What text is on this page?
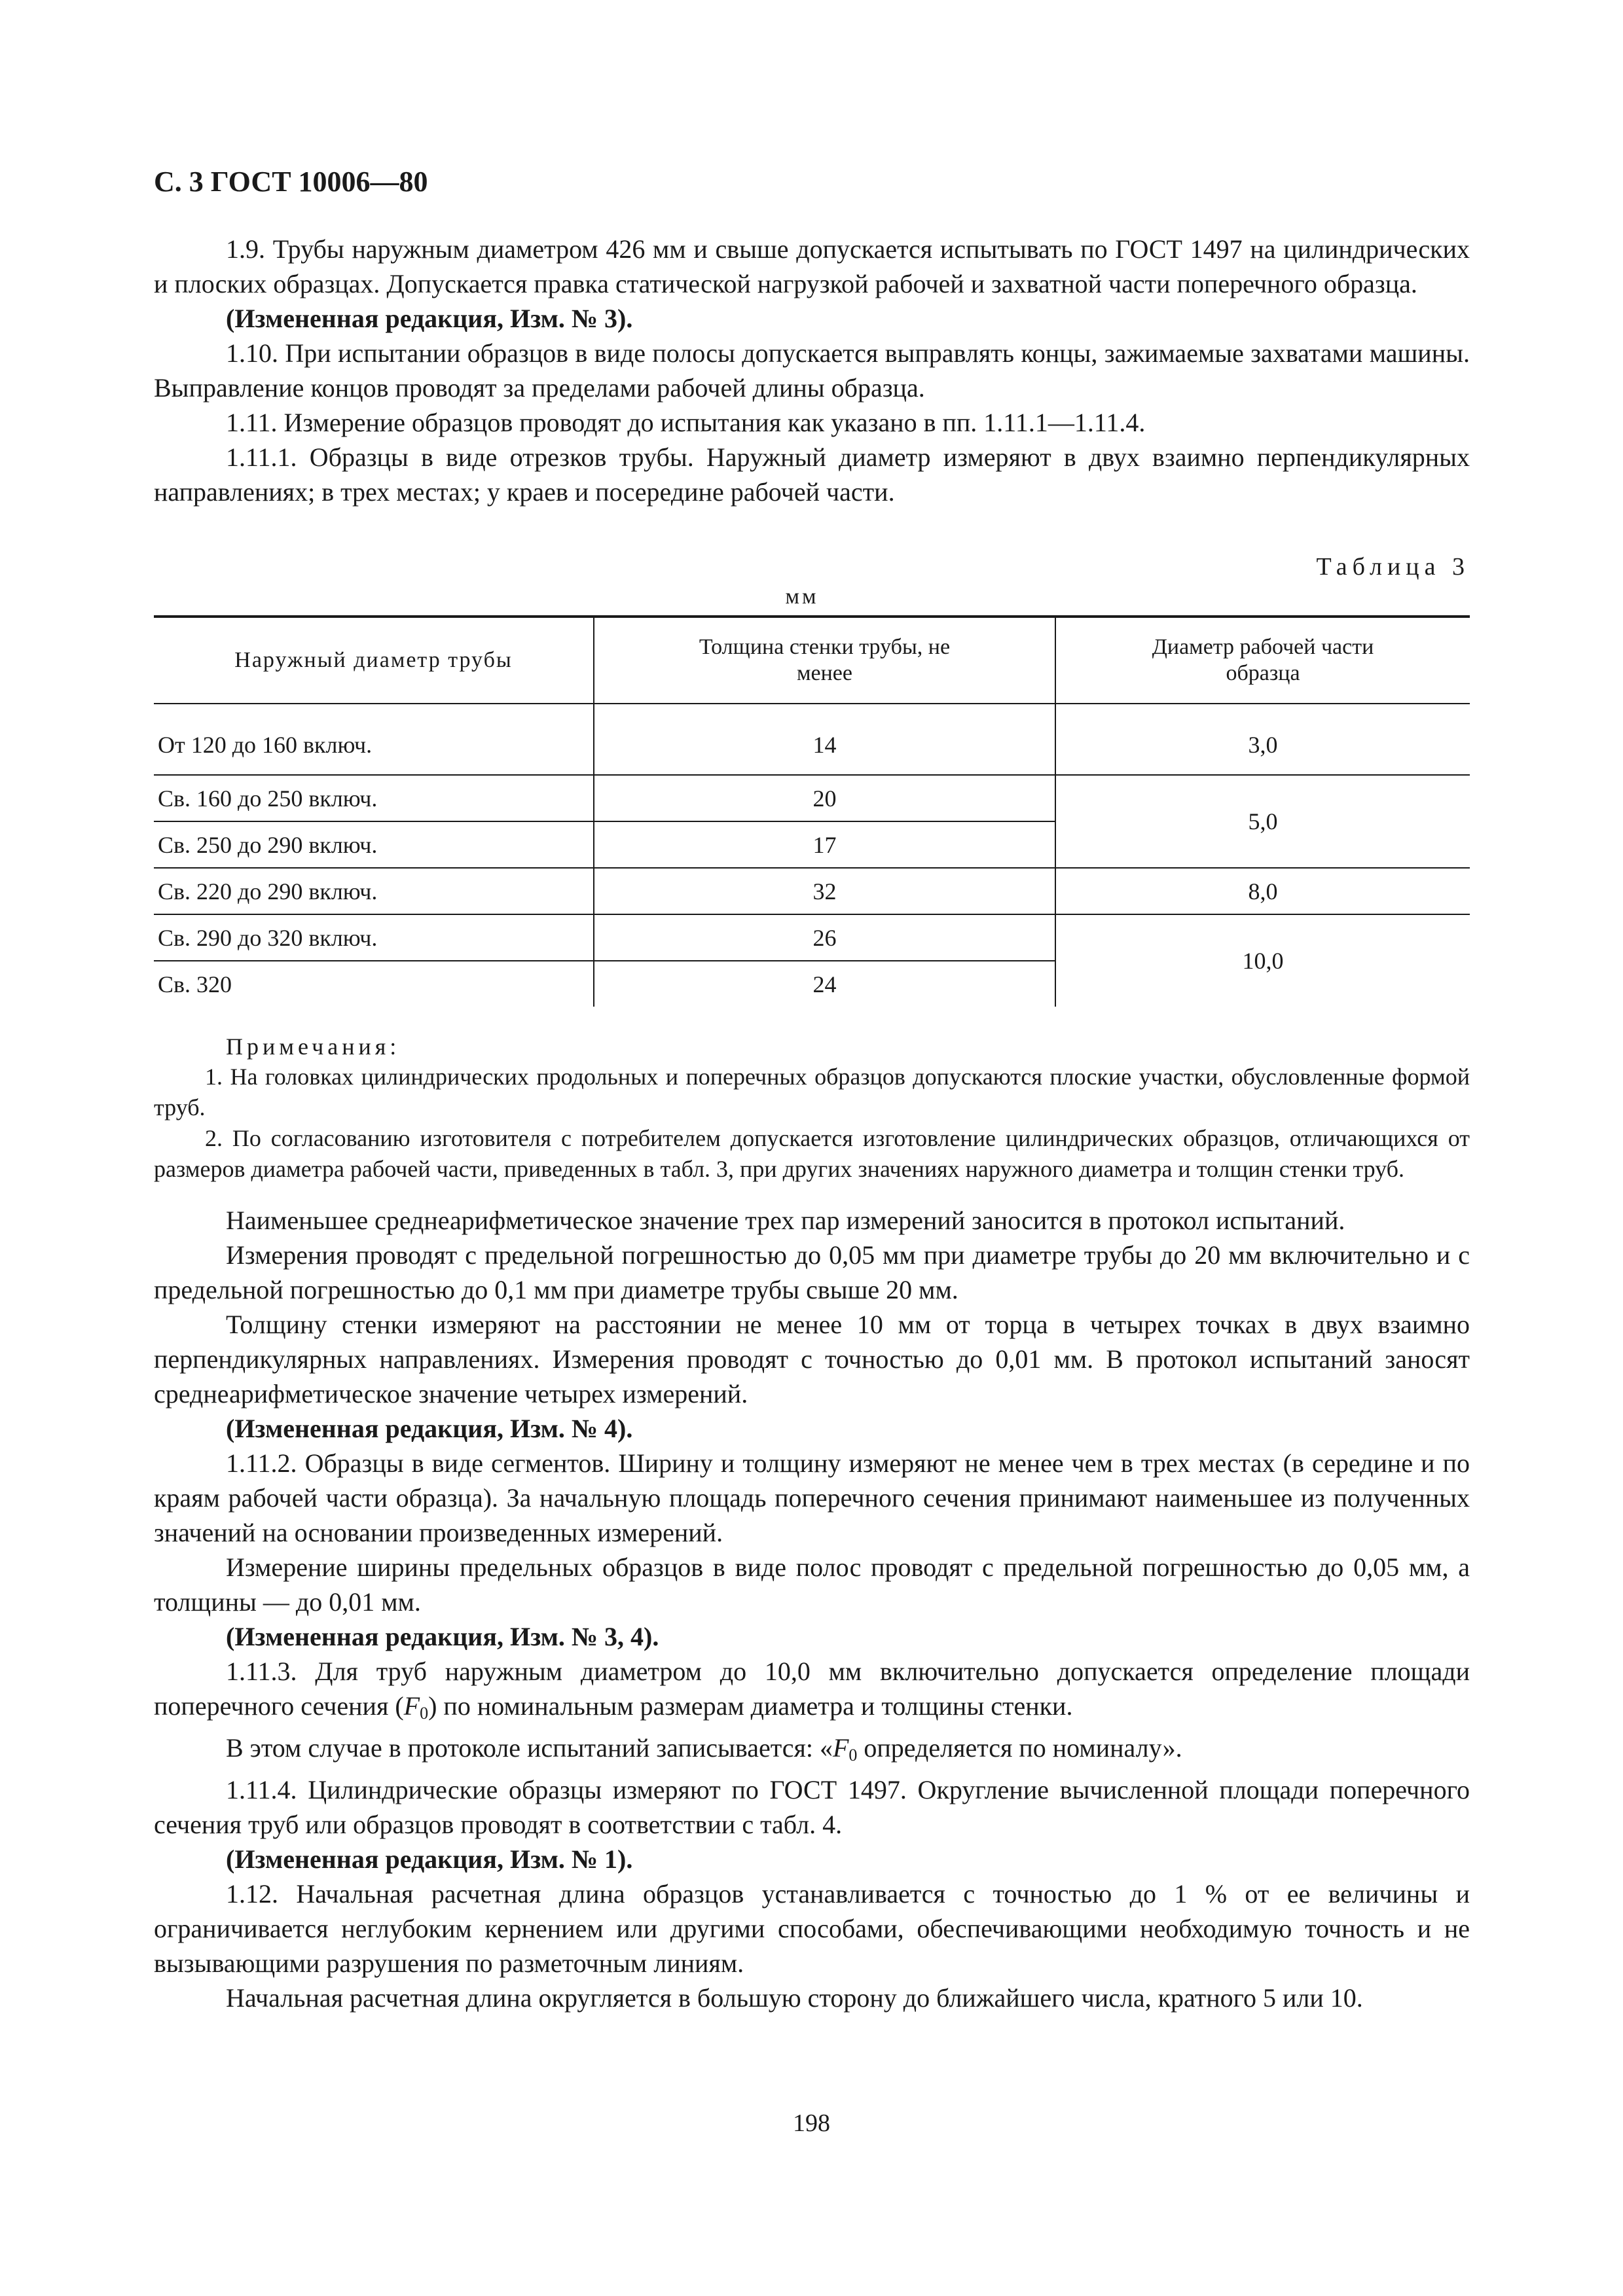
С. 3 ГОСТ 10006—80

1.9. Трубы наружным диаметром 426 мм и свыше допускается испытывать по ГОСТ 1497 на цилиндрических и плоских образцах. Допускается правка статической нагрузкой рабочей и захватной части поперечного образца.

(Измененная редакция, Изм. № 3).

1.10. При испытании образцов в виде полосы допускается выправлять концы, зажимаемые захватами машины. Выправление концов проводят за пределами рабочей длины образца.

1.11. Измерение образцов проводят до испытания как указано в пп. 1.11.1—1.11.4.

1.11.1. Образцы в виде отрезков трубы. Наружный диаметр измеряют в двух взаимно перпендикулярных направлениях; в трех местах; у краев и посередине рабочей части.

Таблица 3
мм
Наружный диаметр трубы	Толщина стенки трубы, не менее	Диаметр рабочей части образца
От 120 до 160 включ.	14	3,0
Св. 160 до 250 включ.	20	5,0
Св. 250 до 290 включ.	17	
Св. 220 до 290 включ.	32	8,0
Св. 290 до 320 включ.	26	10,0
Св. 320	24	
Примечания:

1. На головках цилиндрических продольных и поперечных образцов допускаются плоские участки, обусловленные формой труб.

2. По согласованию изготовителя с потребителем допускается изготовление цилиндрических образцов, отличающихся от размеров диаметра рабочей части, приведенных в табл. 3, при других значениях наружного диаметра и толщин стенки труб.

Наименьшее среднеарифметическое значение трех пар измерений заносится в протокол испытаний.

Измерения проводят с предельной погрешностью до 0,05 мм при диаметре трубы до 20 мм включительно и с предельной погрешностью до 0,1 мм при диаметре трубы свыше 20 мм.

Толщину стенки измеряют на расстоянии не менее 10 мм от торца в четырех точках в двух взаимно перпендикулярных направлениях. Измерения проводят с точностью до 0,01 мм. В протокол испытаний заносят среднеарифметическое значение четырех измерений.

(Измененная редакция, Изм. № 4).

1.11.2. Образцы в виде сегментов. Ширину и толщину измеряют не менее чем в трех местах (в середине и по краям рабочей части образца). За начальную площадь поперечного сечения принимают наименьшее из полученных значений на основании произведенных измерений.

Измерение ширины предельных образцов в виде полос проводят с предельной погрешностью до 0,05 мм, а толщины — до 0,01 мм.

(Измененная редакция, Изм. № 3, 4).

1.11.3. Для труб наружным диаметром до 10,0 мм включительно допускается определение площади поперечного сечения $(F_0)$ по номинальным размерам диаметра и толщины стенки.

В этом случае в протоколе испытаний записывается: «$F_0$ определяется по номиналу».

1.11.4. Цилиндрические образцы измеряют по ГОСТ 1497. Округление вычисленной площади поперечного сечения труб или образцов проводят в соответствии с табл. 4.

(Измененная редакция, Изм. № 1).

1.12. Начальная расчетная длина образцов устанавливается с точностью до 1 % от ее величины и ограничивается неглубоким кернением или другими способами, обеспечивающими необходимую точность и не вызывающими разрушения по разметочным линиям.

Начальная расчетная длина округляется в большую сторону до ближайшего числа, кратного 5 или 10.

198
